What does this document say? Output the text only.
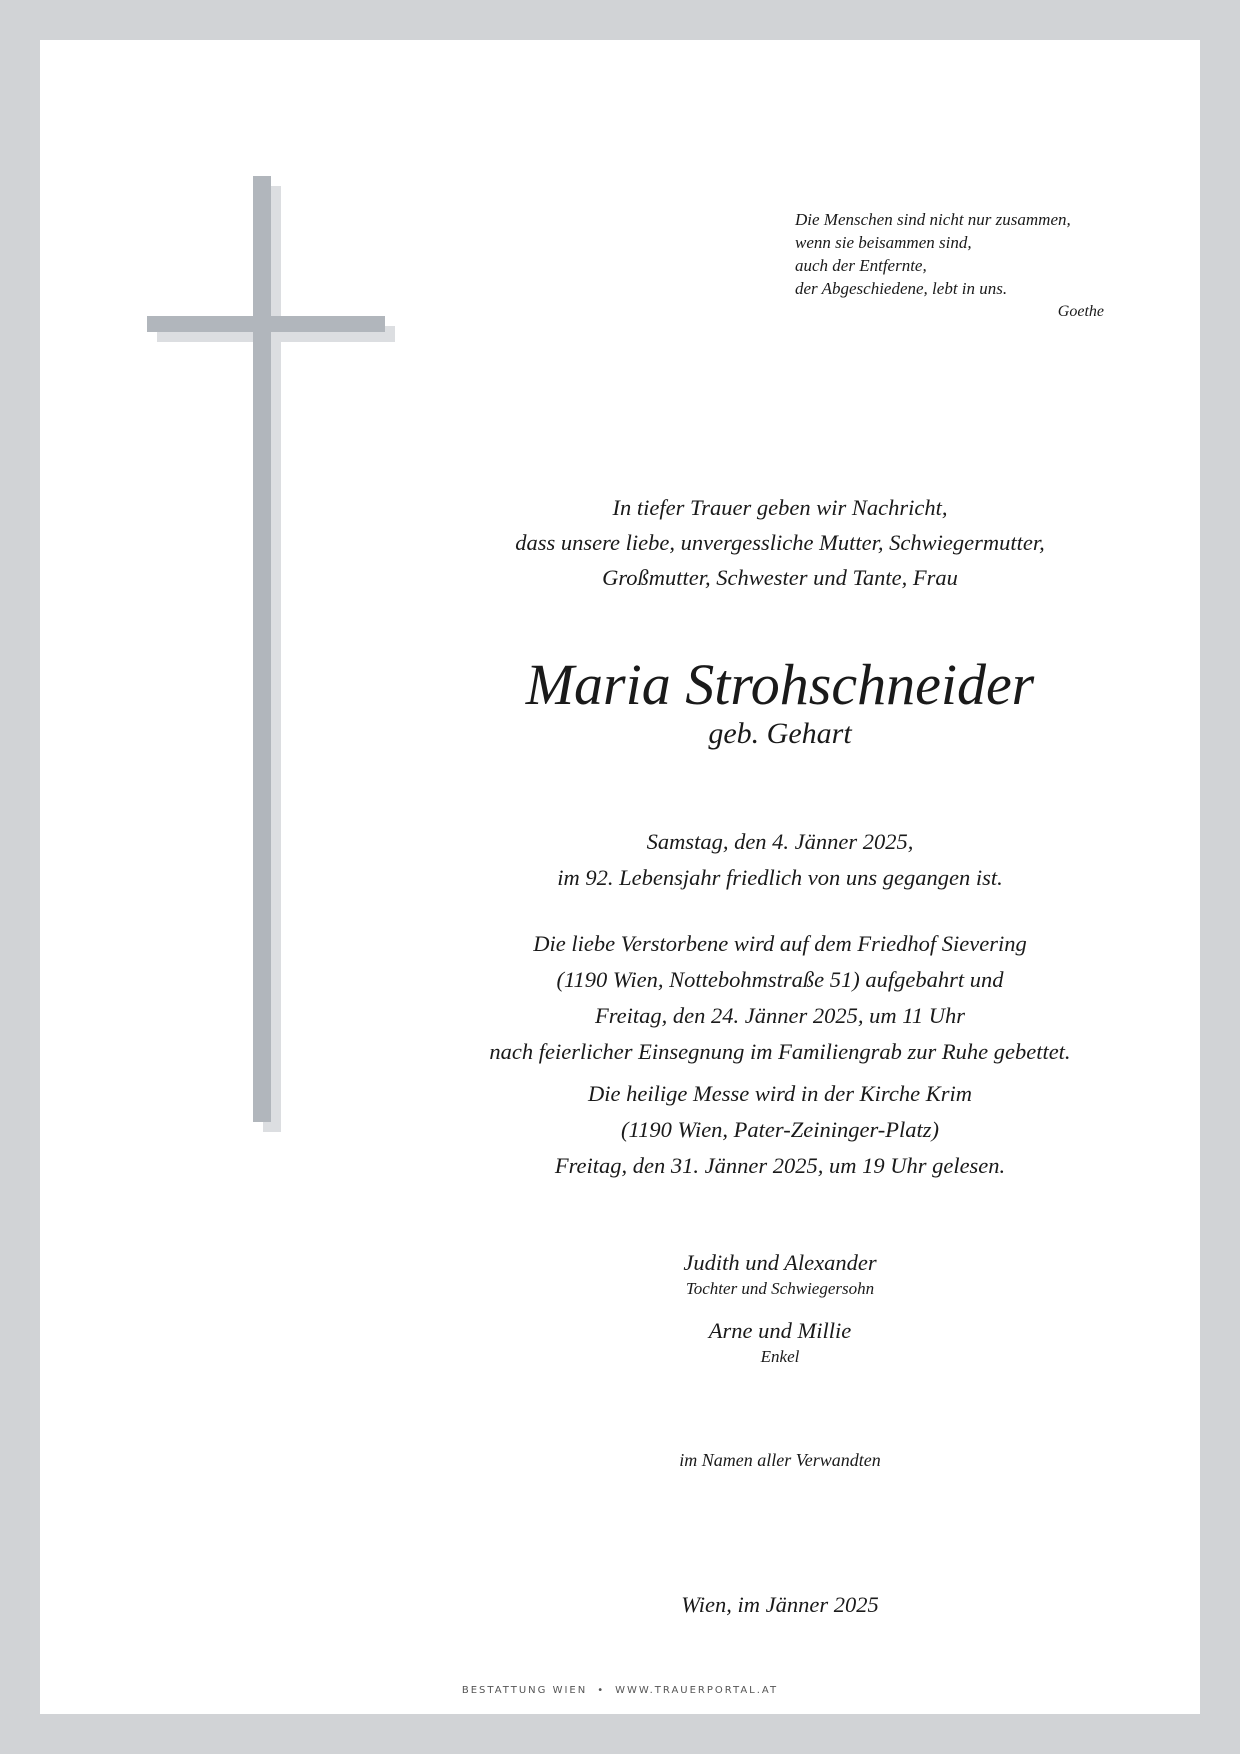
Die Menschen sind nicht nur zusammen,
wenn sie beisammen sind,
auch der Entfernte,
der Abgeschiedene, lebt in uns.
Goethe
In tiefer Trauer geben wir Nachricht,
dass unsere liebe, unvergessliche Mutter, Schwiegermutter,
Großmutter, Schwester und Tante, Frau
Maria Strohschneider
geb. Gehart
Samstag, den 4. Jänner 2025,
im 92. Lebensjahr friedlich von uns gegangen ist.
Die liebe Verstorbene wird auf dem Friedhof Sievering
(1190 Wien, Nottebohmstraße 51) aufgebahrt und
Freitag, den 24. Jänner 2025, um 11 Uhr
nach feierlicher Einsegnung im Familiengrab zur Ruhe gebettet.
Die heilige Messe wird in der Kirche Krim
(1190 Wien, Pater-Zeininger-Platz)
Freitag, den 31. Jänner 2025, um 19 Uhr gelesen.
Judith und Alexander
Tochter und Schwiegersohn
Arne und Millie
Enkel
im Namen aller Verwandten
Wien, im Jänner 2025
BESTATTUNG WIEN • WWW.TRAUERPORTAL.AT
